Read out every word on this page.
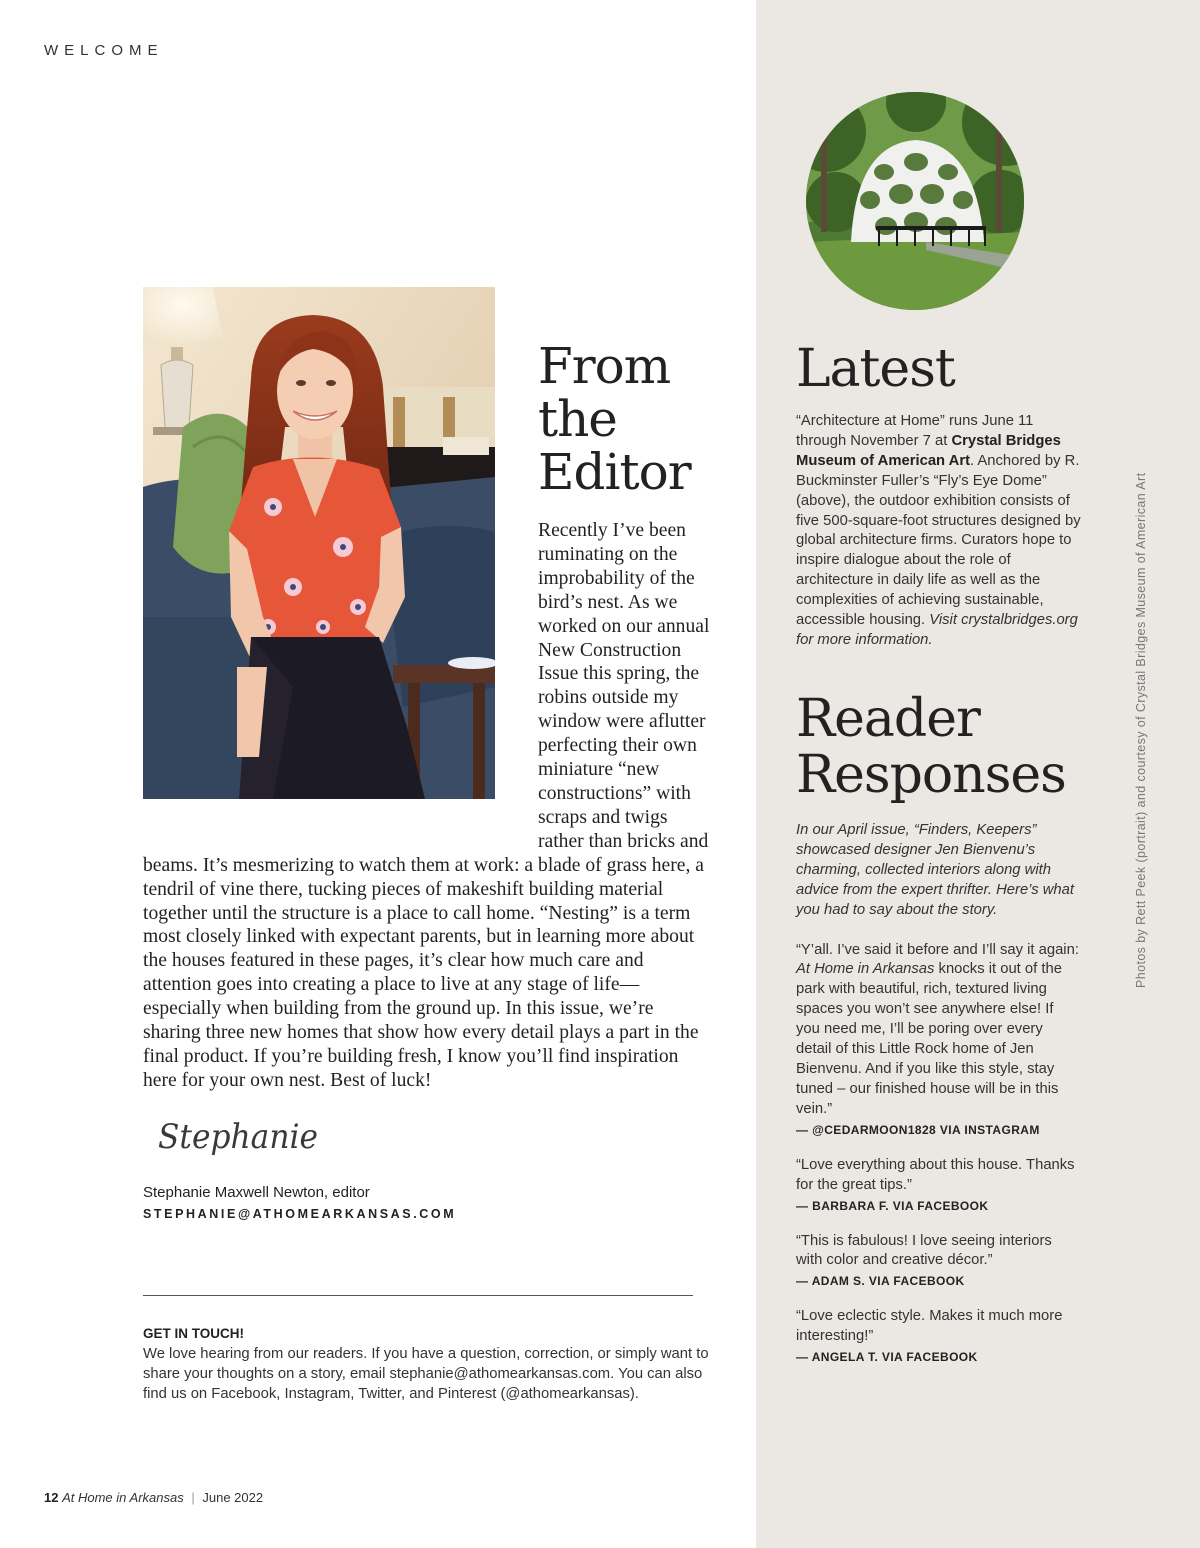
WELCOME
From the Editor
Recently I’ve been ruminating on the improbability of the bird’s nest. As we worked on our annual New Construction Issue this spring, the robins outside my window were aflutter perfecting their own miniature “new constructions” with scraps and twigs rather than bricks and beams. It’s mesmerizing to watch them at work: a blade of grass here, a tendril of vine there, tucking pieces of makeshift building material together until the structure is a place to call home. “Nesting” is a term most closely linked with expectant parents, but in learning more about the houses featured in these pages, it’s clear how much care and attention goes into creating a place to live at any stage of life—especially when building from the ground up. In this issue, we’re sharing three new homes that show how every detail plays a part in the final product. If you’re building fresh, I know you’ll find inspiration here for your own nest. Best of luck!
Stephanie
Stephanie Maxwell Newton, editor
STEPHANIE@ATHOMEARKANSAS.COM
GET IN TOUCH!

We love hearing from our readers. If you have a question, correction, or simply want to share your thoughts on a story, email stephanie@athomearkansas.com. You can also find us on Facebook, Instagram, Twitter, and Pinterest (@athomearkansas).

12 At Home in Arkansas | June 2022
Latest

“Architecture at Home” runs June 11 through November 7 at Crystal Bridges Museum of American Art. Anchored by R. Buckminster Fuller’s “Fly’s Eye Dome” (above), the outdoor exhibition consists of five 500-square-foot structures designed by global architecture firms. Curators hope to inspire dialogue about the role of architecture in daily life as well as the complexities of achieving sustainable, accessible housing. Visit crystalbridges.org for more information.

Reader Responses

In our April issue, “Finders, Keepers” showcased designer Jen Bienvenu’s charming, collected interiors along with advice from the expert thrifter. Here’s what you had to say about the story.

“Y’all. I’ve said it before and I’ll say it again: At Home in Arkansas knocks it out of the park with beautiful, rich, textured living spaces you won’t see anywhere else! If you need me, I’ll be poring over every detail of this Little Rock home of Jen Bienvenu. And if you like this style, stay tuned – our finished house will be in this vein.”

— @CEDARMOON1828 VIA INSTAGRAM

“Love everything about this house. Thanks for the great tips.”

— BARBARA F. VIA FACEBOOK

“This is fabulous! I love seeing interiors with color and creative décor.”

— ADAM S. VIA FACEBOOK

“Love eclectic style. Makes it much more interesting!”

— ANGELA T. VIA FACEBOOK

Photos by Rett Peek (portrait) and courtesy of Crystal Bridges Museum of American Art
